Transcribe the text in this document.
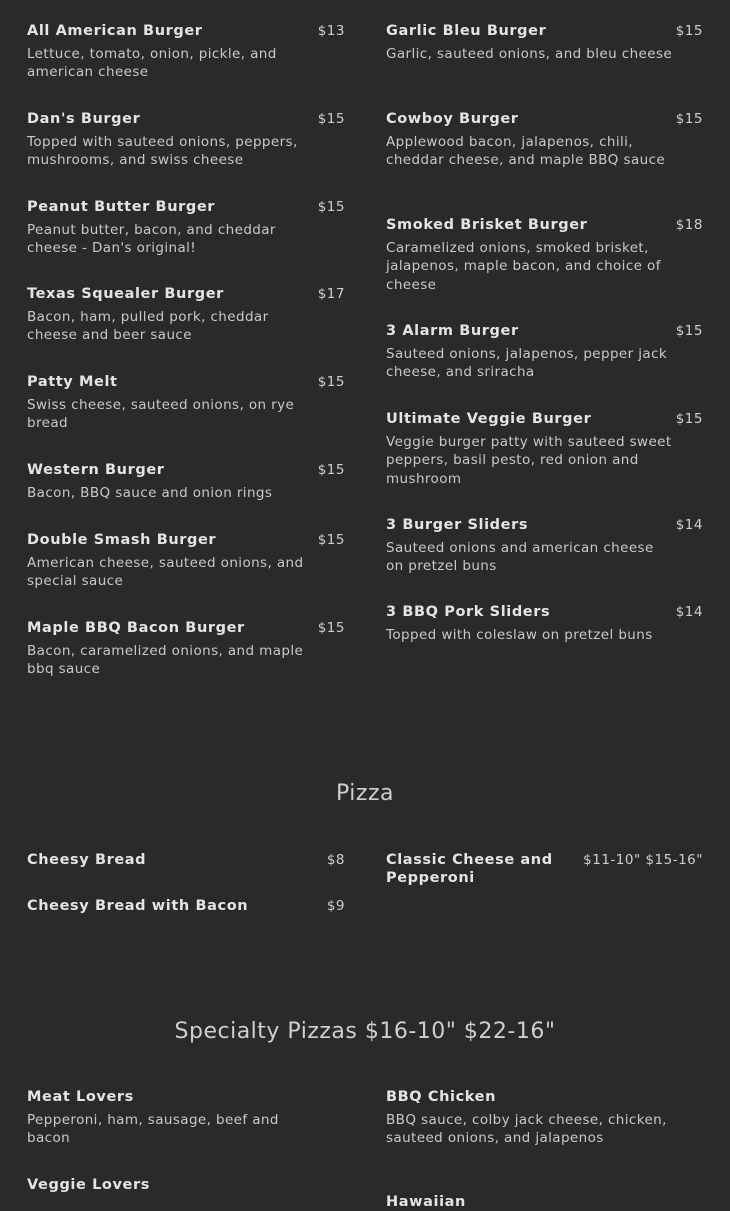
All American Burger	$13
Lettuce, tomato, onion, pickle, and american cheese
Dan's Burger	$15
Topped with sauteed onions, peppers, mushrooms, and swiss cheese
Peanut Butter Burger	$15
Peanut butter, bacon, and cheddar cheese - Dan's original!
Texas Squealer Burger	$17
Bacon, ham, pulled pork, cheddar cheese and beer sauce
Patty Melt	$15
Swiss cheese, sauteed onions, on rye bread
Western Burger	$15
Bacon, BBQ sauce and onion rings
Double Smash Burger	$15
American cheese, sauteed onions, and special sauce
Maple BBQ Bacon Burger	$15
Bacon, caramelized onions, and maple bbq sauce
Garlic Bleu Burger	$15
Garlic, sauteed onions, and bleu cheese
Cowboy Burger	$15
Applewood bacon, jalapenos, chili, cheddar cheese, and maple BBQ sauce
Smoked Brisket Burger	$18
Caramelized onions, smoked brisket, jalapenos, maple bacon, and choice of cheese
3 Alarm Burger	$15
Sauteed onions, jalapenos, pepper jack cheese, and sriracha
Ultimate Veggie Burger	$15
Veggie burger patty with sauteed sweet peppers, basil pesto, red onion and mushroom
3 Burger Sliders	$14
Sauteed onions and american cheese on pretzel buns
3 BBQ Pork Sliders	$14
Topped with coleslaw on pretzel buns
Pizza
Cheesy Bread	$8
Cheesy Bread with Bacon	$9
Classic Cheese and Pepperoni
$11-10" $15-16"
Specialty Pizzas $16-10" $22-16"
Meat Lovers
Pepperoni, ham, sausage, beef and bacon
Veggie Lovers
BBQ Chicken
BBQ sauce, colby jack cheese, chicken, sauteed onions, and jalapenos
Hawaiian
